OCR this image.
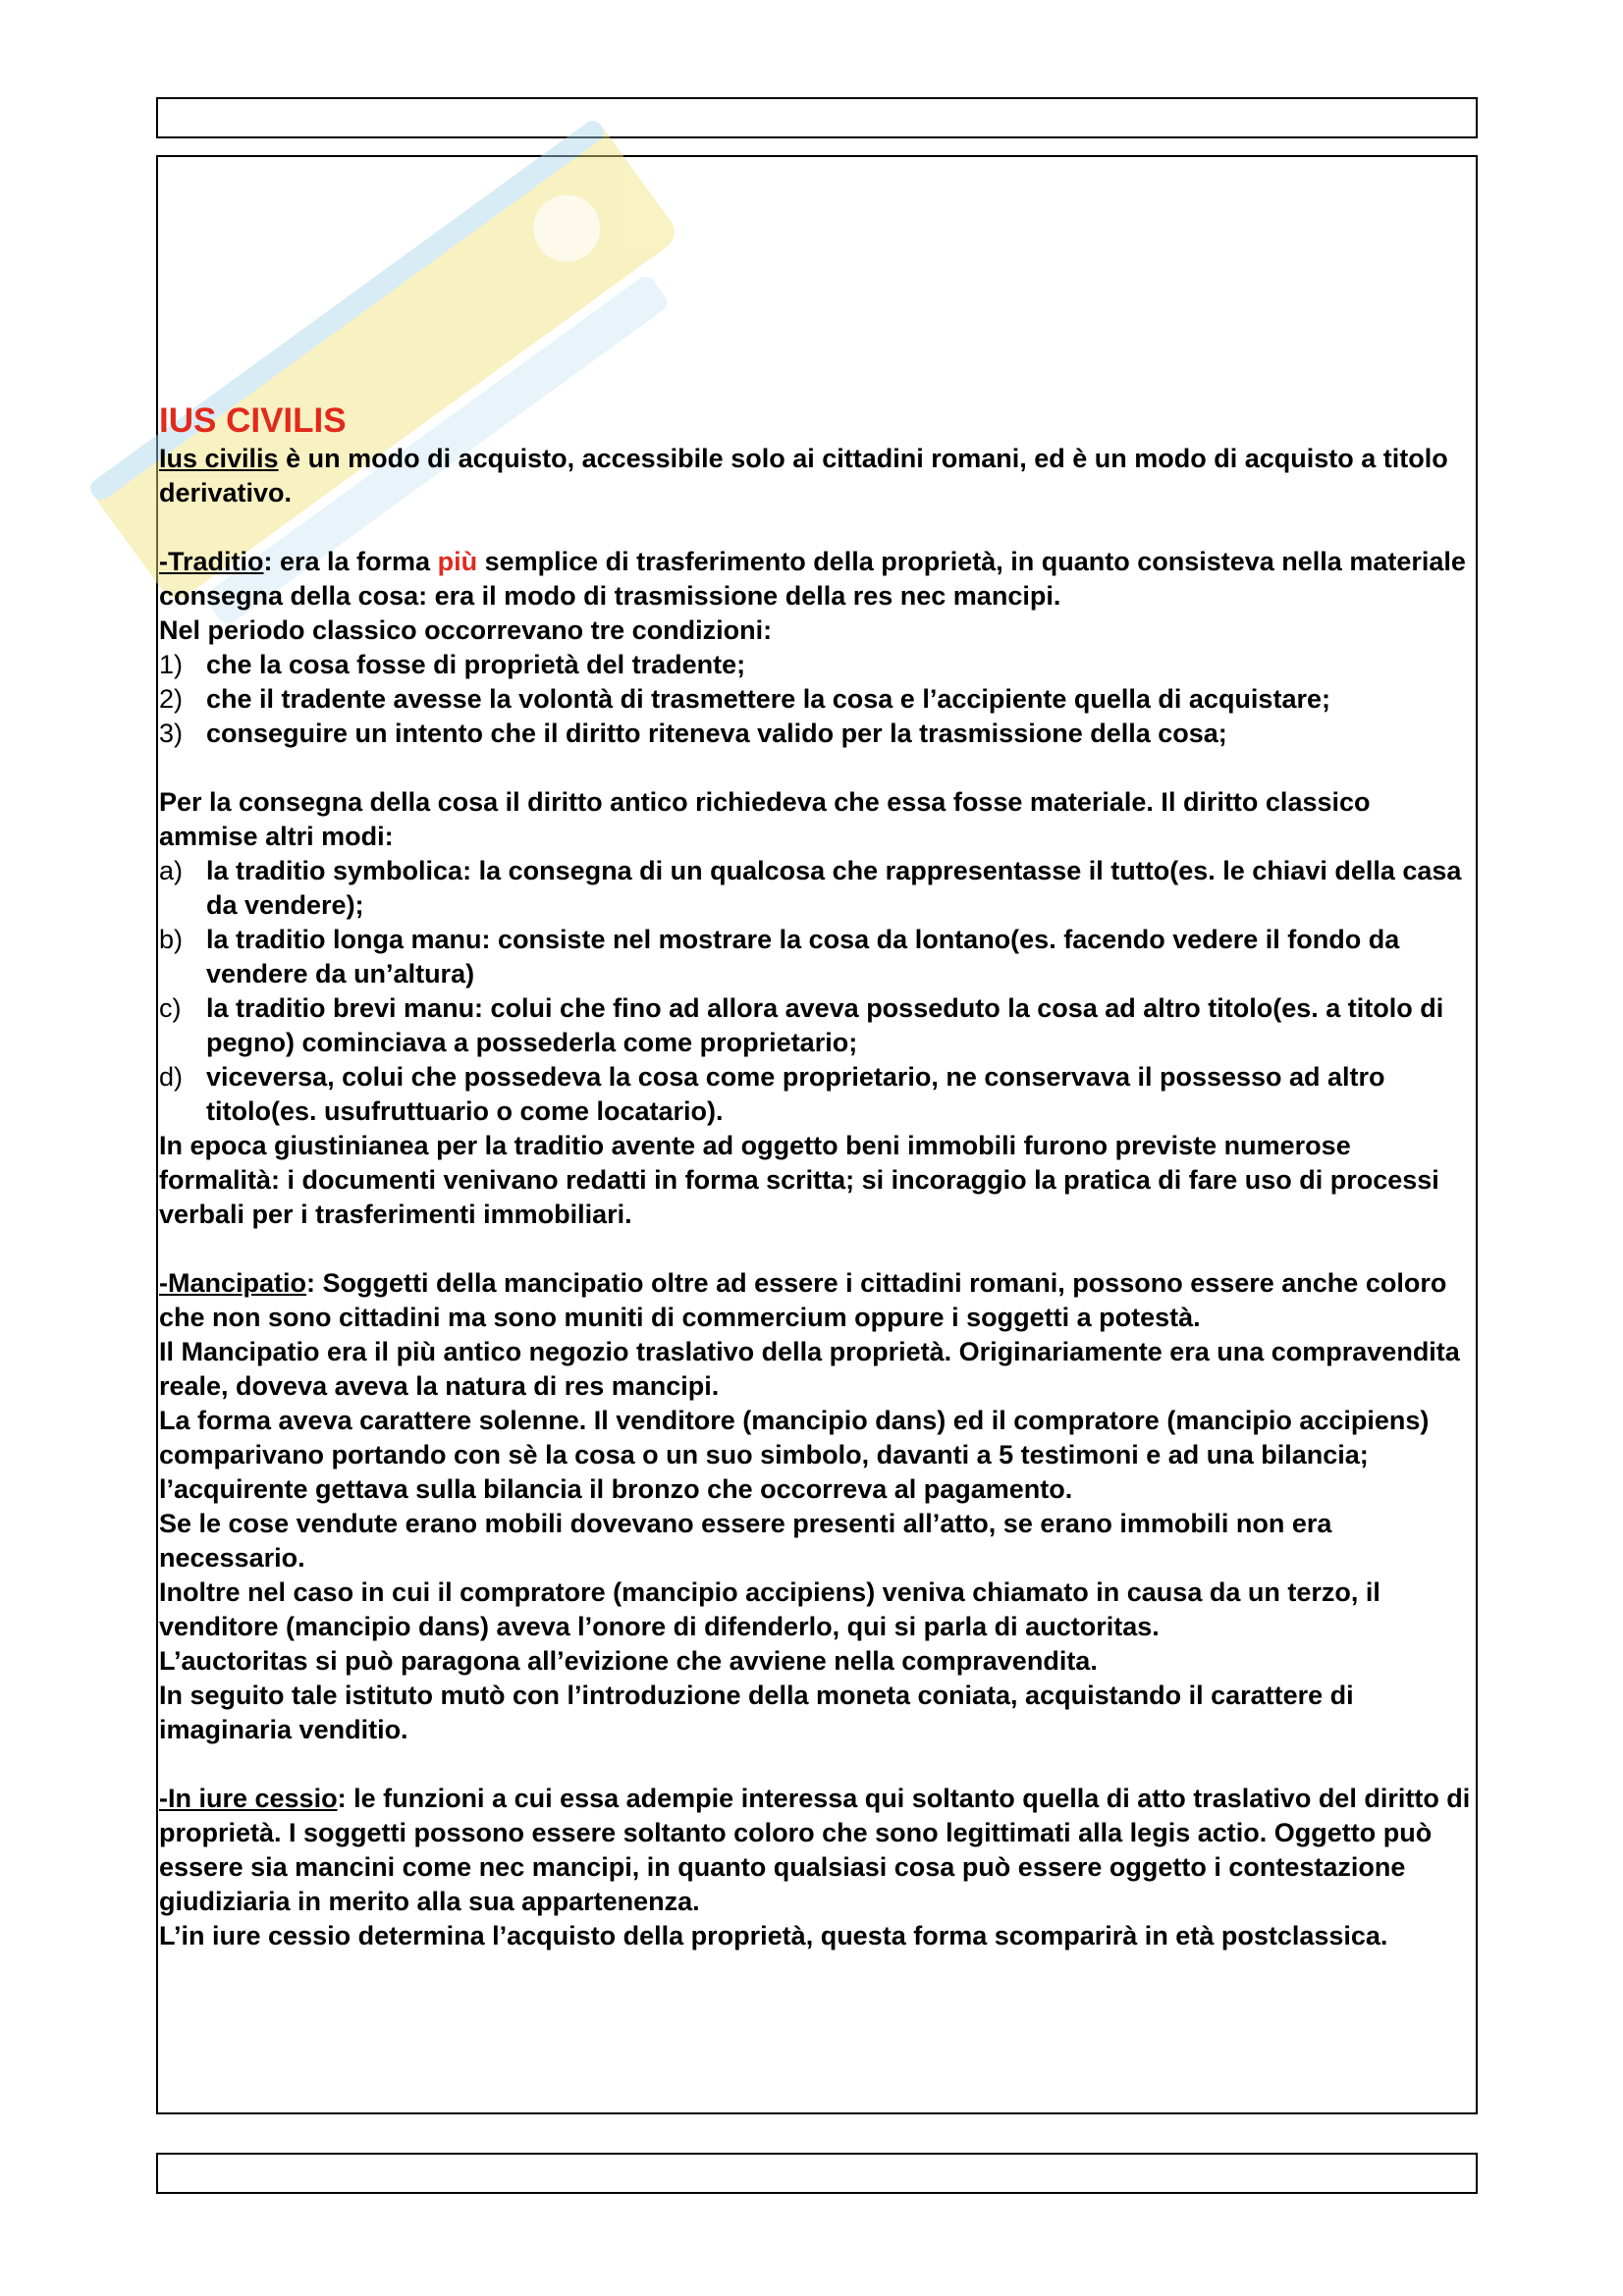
IUS CIVILIS

Ius civilis è un modo di acquisto, accessibile solo ai cittadini romani, ed è un modo di acquisto a titolo derivativo.

-Traditio: era la forma più semplice di trasferimento della proprietà, in quanto consisteva nella materiale consegna della cosa: era il modo di trasmissione della res nec mancipi.

Nel periodo classico occorrevano tre condizioni:

1) che la cosa fosse di proprietà del tradente;
2) che il tradente avesse la volontà di trasmettere la cosa e l’accipiente quella di acquistare;
3) conseguire un intento che il diritto riteneva valido per la trasmissione della cosa;

Per la consegna della cosa il diritto antico richiedeva che essa fosse materiale. Il diritto classico ammise altri modi:

a) la traditio symbolica: la consegna di un qualcosa che rappresentasse il tutto(es. le chiavi della casa da vendere);
b) la traditio longa manu: consiste nel mostrare la cosa da lontano(es. facendo vedere il fondo da vendere da un’altura)
c) la traditio brevi manu: colui che fino ad allora aveva posseduto la cosa ad altro titolo(es. a titolo di pegno) cominciava a possederla come proprietario;
d) viceversa, colui che possedeva la cosa come proprietario, ne conservava il possesso ad altro titolo(es. usufruttuario o come locatario).

In epoca giustinianea per la traditio avente ad oggetto beni immobili furono previste numerose formalità: i documenti venivano redatti in forma scritta; si incoraggio la pratica di fare uso di processi verbali per i trasferimenti immobiliari.

-Mancipatio: Soggetti della mancipatio oltre ad essere i cittadini romani, possono essere anche coloro che non sono cittadini ma sono muniti di commercium oppure i soggetti a potestà.

Il Mancipatio era il più antico negozio traslativo della proprietà. Originariamente era una compravendita reale, doveva aveva la natura di res mancipi.

La forma aveva carattere solenne. Il venditore (mancipio dans) ed il compratore (mancipio accipiens) comparivano portando con sè la cosa o un suo simbolo, davanti a 5 testimoni e ad una bilancia; l’acquirente gettava sulla bilancia il bronzo che occorreva al pagamento.

Se le cose vendute erano mobili dovevano essere presenti all’atto, se erano immobili non era necessario.

Inoltre nel caso in cui il compratore (mancipio accipiens) veniva chiamato in causa da un terzo, il venditore (mancipio dans) aveva l’onore di difenderlo, qui si parla di auctoritas.

L’auctoritas si può paragona all’evizione che avviene nella compravendita.

In seguito tale istituto mutò con l’introduzione della moneta coniata, acquistando il carattere di imaginaria venditio.

-In iure cessio: le funzioni a cui essa adempie interessa qui soltanto quella di atto traslativo del diritto di proprietà. I soggetti possono essere soltanto coloro che sono legittimati alla legis actio. Oggetto può essere sia mancini come nec mancipi, in quanto qualsiasi cosa può essere oggetto i contestazione giudiziaria in merito alla sua appartenenza.

L’in iure cessio determina l’acquisto della proprietà, questa forma scomparirà in età postclassica.
